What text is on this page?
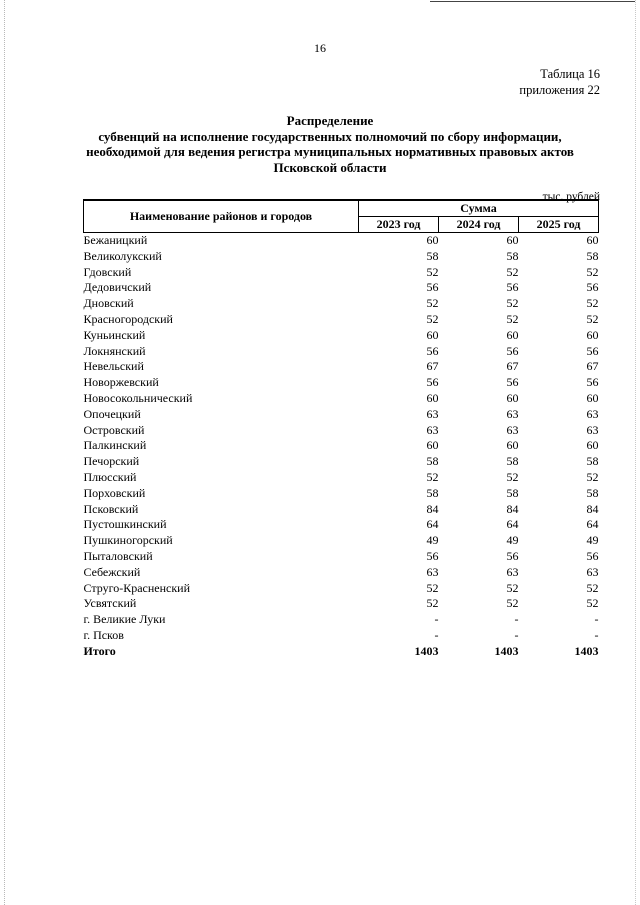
16
Таблица 16
приложения 22
Распределение
субвенций на исполнение государственных полномочий по сбору информации,
необходимой для ведения регистра муниципальных нормативных правовых актов
Псковской области
тыс. рублей
Наименование районов и городов	Сумма		
	2023 год	2024 год	2025 год
Бежаницкий	60	60	60
Великолукский	58	58	58
Гдовский	52	52	52
Дедовичский	56	56	56
Дновский	52	52	52
Красногородский	52	52	52
Куньинский	60	60	60
Локнянский	56	56	56
Невельский	67	67	67
Новоржевский	56	56	56
Новосокольнический	60	60	60
Опочецкий	63	63	63
Островский	63	63	63
Палкинский	60	60	60
Печорский	58	58	58
Плюсский	52	52	52
Порховский	58	58	58
Псковский	84	84	84
Пустошкинский	64	64	64
Пушкиногорский	49	49	49
Пыталовский	56	56	56
Себежский	63	63	63
Струго-Красненский	52	52	52
Усвятский	52	52	52
г. Великие Луки	-	-	-
г. Псков	-	-	-
Итого	1403	1403	1403
